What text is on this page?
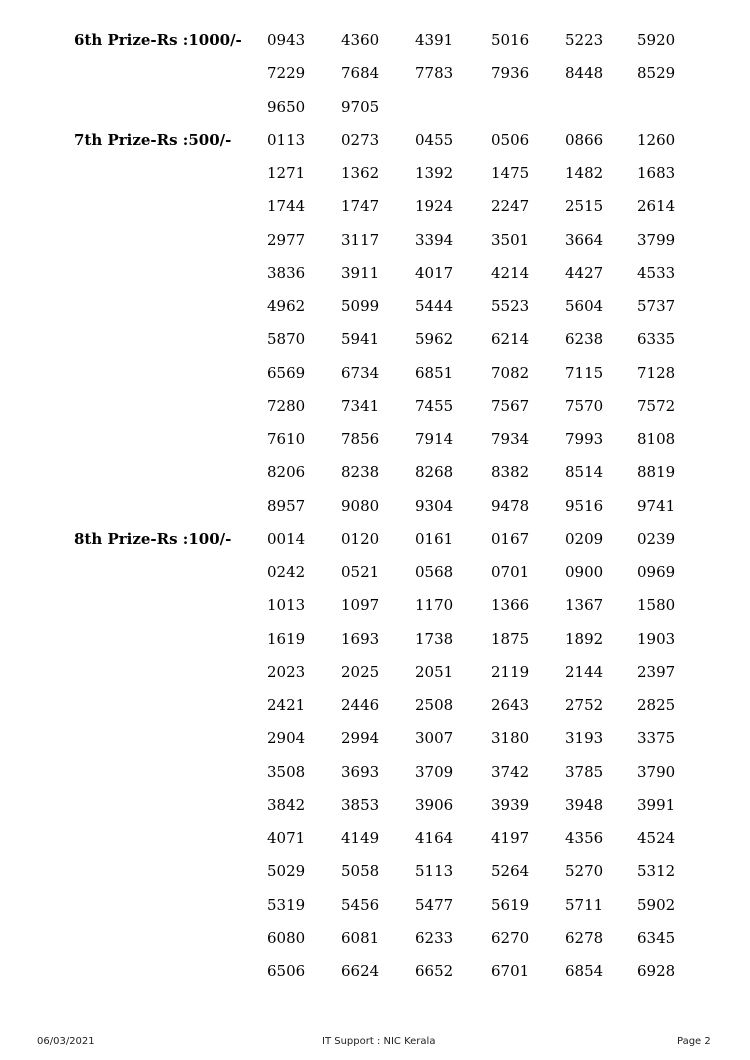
6th Prize-Rs :1000/- 0943 4360 4391	5016 5223 5920
7229 7684 7783	7936 8448 8529
9650 9705
7th Prize-Rs :500/- 0113 0273 0455	0506 0866 1260
1271 1362 1392	1475 1482 1683
1744 1747 1924	2247 2515 2614
2977 3117 3394	3501 3664 3799
3836 3911 4017	4214 4427 4533
4962 5099 5444	5523 5604 5737
5870 5941 5962	6214 6238 6335
6569 6734 6851	7082 7115 7128
7280 7341 7455	7567 7570 7572
7610 7856 7914	7934 7993 8108
8206 8238 8268	8382 8514 8819
8957 9080 9304	9478 9516 9741
8th Prize-Rs :100/- 0014 0120 0161	0167 0209 0239
0242 0521 0568	0701 0900 0969
1013 1097 1170	1366 1367 1580
1619 1693 1738	1875 1892 1903
2023 2025 2051	2119 2144 2397
2421 2446 2508	2643 2752 2825
2904 2994 3007	3180 3193 3375
3508 3693 3709	3742 3785 3790
3842 3853 3906	3939 3948 3991
4071 4149 4164	4197 4356 4524
5029 5058 5113	5264 5270 5312
5319 5456 5477	5619 5711 5902
6080 6081 6233	6270 6278 6345
6506 6624 6652	6701 6854 6928
06/03/2021	IT Support : NIC Kerala	Page 2
